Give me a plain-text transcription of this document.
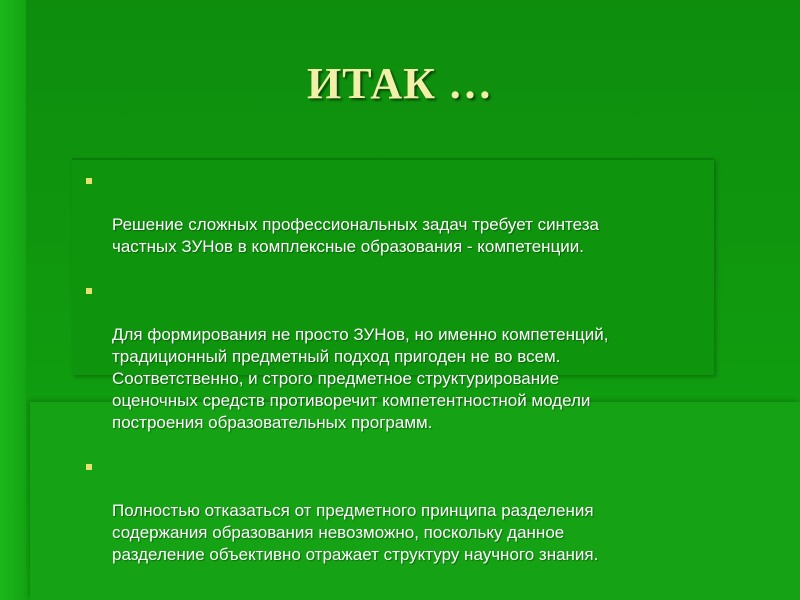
ИТАК …

Решение сложных профессиональных задач требует синтеза
частных ЗУНов в комплексные образования - компетенции.

Для формирования не просто ЗУНов, но именно компетенций,
традиционный предметный подход пригоден не во всем.
Соответственно, и строго предметное структурирование
оценочных средств противоречит компетентностной модели
построения образовательных программ.

Полностью отказаться от предметного принципа разделения
содержания образования невозможно, поскольку данное
разделение объективно отражает структуру научного знания.
